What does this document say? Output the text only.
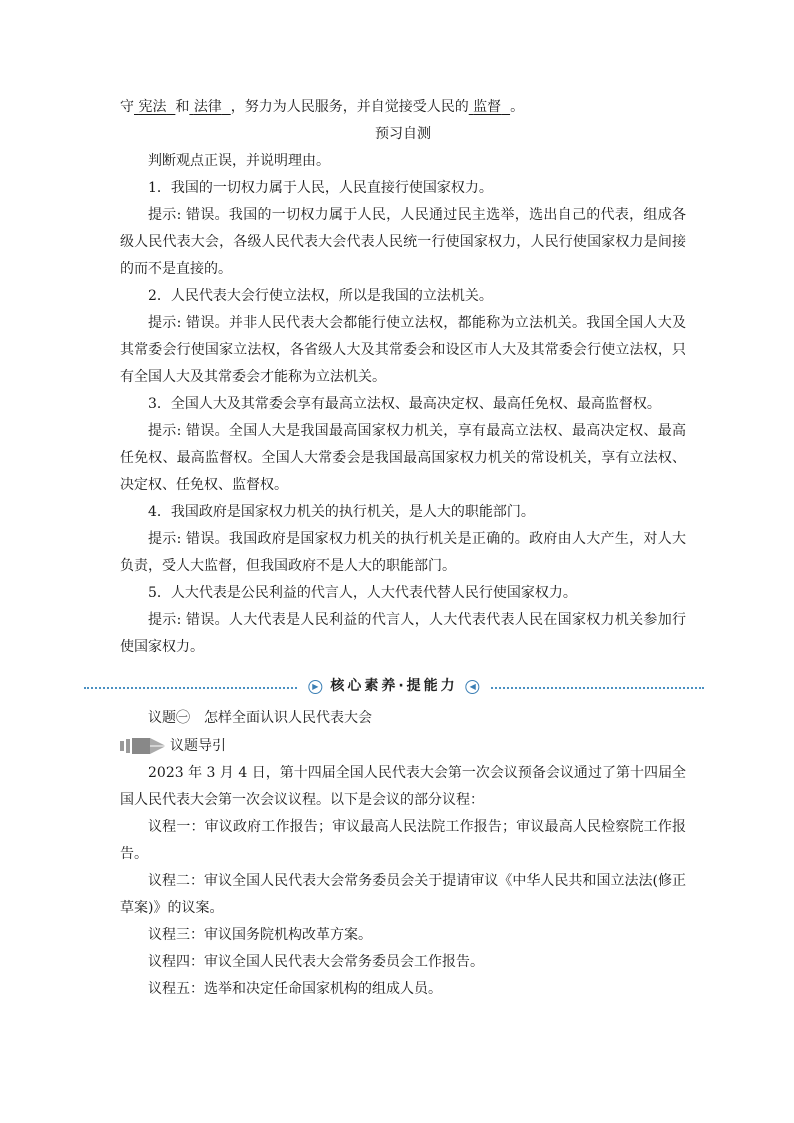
守 宪法 和 法律 ，努力为人民服务，并自觉接受人民的 监督 。

预习自测

判断观点正误，并说明理由。

1．我国的一切权力属于人民，人民直接行使国家权力。

提示: 错误。我国的一切权力属于人民，人民通过民主选举，选出自己的代表，组成各级人民代表大会，各级人民代表大会代表人民统一行使国家权力，人民行使国家权力是间接的而不是直接的。

2．人民代表大会行使立法权，所以是我国的立法机关。

提示: 错误。并非人民代表大会都能行使立法权，都能称为立法机关。我国全国人大及其常委会行使国家立法权，各省级人大及其常委会和设区市人大及其常委会行使立法权，只有全国人大及其常委会才能称为立法机关。

3．全国人大及其常委会享有最高立法权、最高决定权、最高任免权、最高监督权。

提示: 错误。全国人大是我国最高国家权力机关，享有最高立法权、最高决定权、最高任免权、最高监督权。全国人大常委会是我国最高国家权力机关的常设机关，享有立法权、决定权、任免权、监督权。

4．我国政府是国家权力机关的执行机关，是人大的职能部门。

提示: 错误。我国政府是国家权力机关的执行机关是正确的。政府由人大产生，对人大负责，受人大监督，但我国政府不是人大的职能部门。

5．人大代表是公民利益的代言人，人大代表代替人民行使国家权力。

提示: 错误。人大代表是人民利益的代言人，人大代表代表人民在国家权力机关参加行使国家权力。

▶ 核心素养·提能力	◀

议题㊀　怎样全面认识人民代表大会

议题导引

2023 年 3 月 4 日，第十四届全国人民代表大会第一次会议预备会议通过了第十四届全国人民代表大会第一次会议议程。以下是会议的部分议程：

议程一：审议政府工作报告；审议最高人民法院工作报告；审议最高人民检察院工作报告。

议程二：审议全国人民代表大会常务委员会关于提请审议《中华人民共和国立法法(修正草案)》的议案。

议程三：审议国务院机构改革方案。

议程四：审议全国人民代表大会常务委员会工作报告。

议程五：选举和决定任命国家机构的组成人员。
